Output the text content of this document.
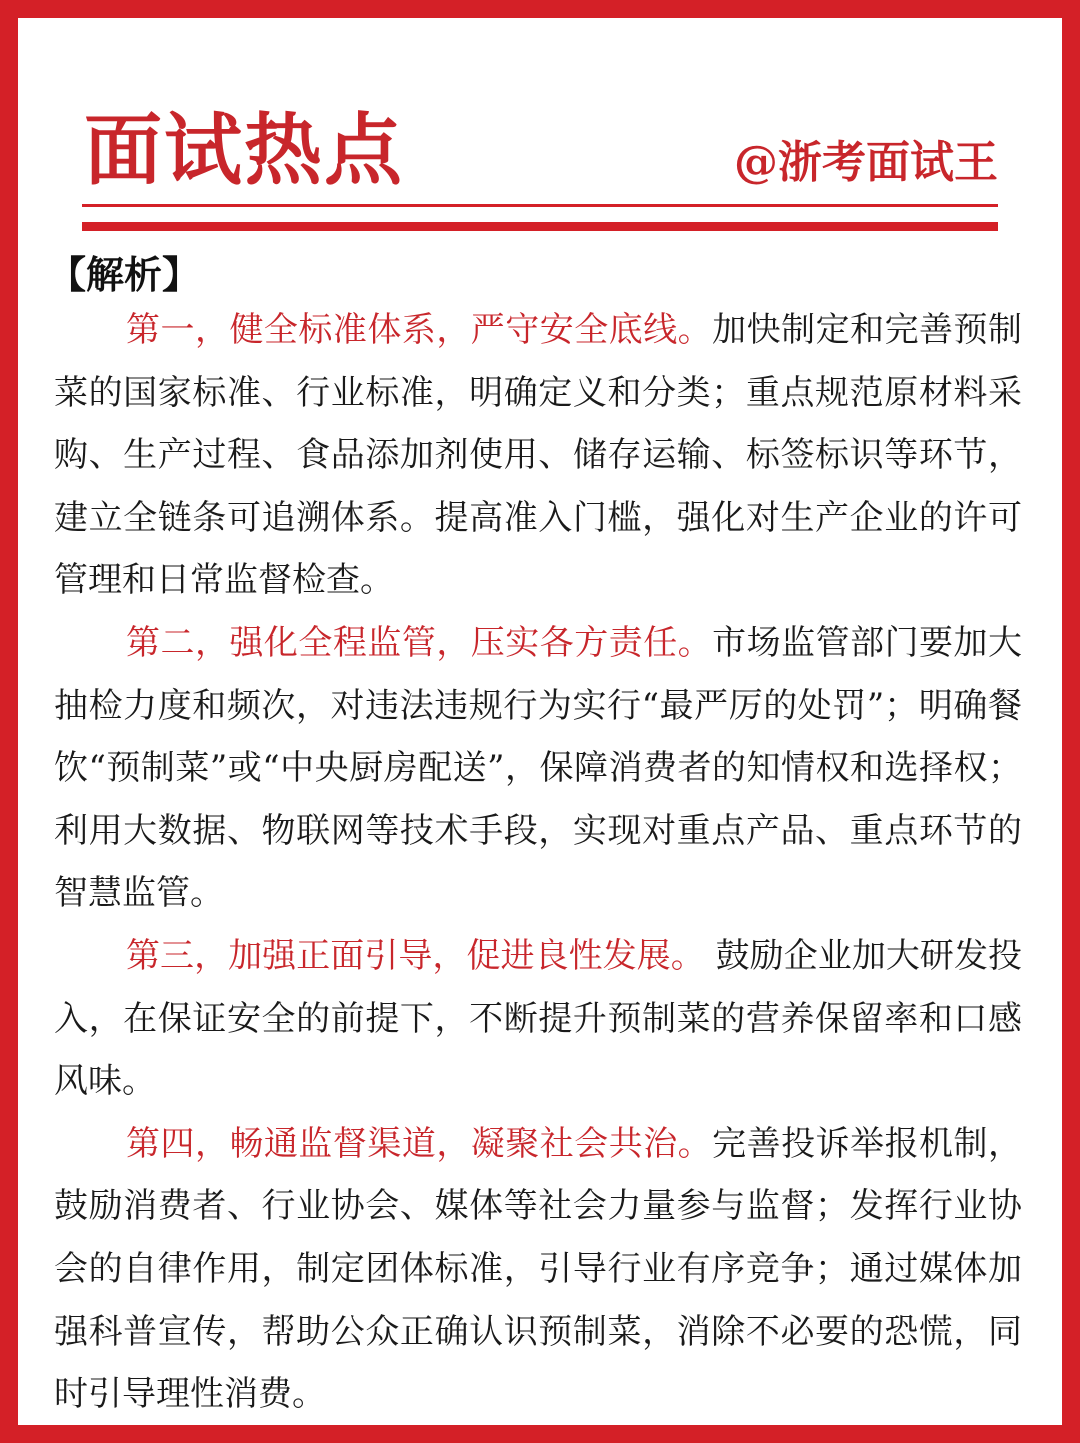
面试热点	@浙考面试王
【解析】

第一，健全标准体系，严守安全底线。加快制定和完善预制菜的国家标准、行业标准，明确定义和分类；重点规范原材料采购、生产过程、食品添加剂使用、储存运输、标签标识等环节，建立全链条可追溯体系。提高准入门槛，强化对生产企业的许可管理和日常监督检查。

第二，强化全程监管，压实各方责任。市场监管部门要加大抽检力度和频次，对违法违规行为实行“最严厉的处罚”；明确餐饮“预制菜”或“中央厨房配送”，保障消费者的知情权和选择权；利用大数据、物联网等技术手段，实现对重点产品、重点环节的智慧监管。

第三，加强正面引导，促进良性发展。 鼓励企业加大研发投入，在保证安全的前提下，不断提升预制菜的营养保留率和口感风味。

第四，畅通监督渠道，凝聚社会共治。完善投诉举报机制，鼓励消费者、行业协会、媒体等社会力量参与监督；发挥行业协会的自律作用，制定团体标准，引导行业有序竞争；通过媒体加强科普宣传，帮助公众正确认识预制菜，消除不必要的恐慌，同时引导理性消费。
